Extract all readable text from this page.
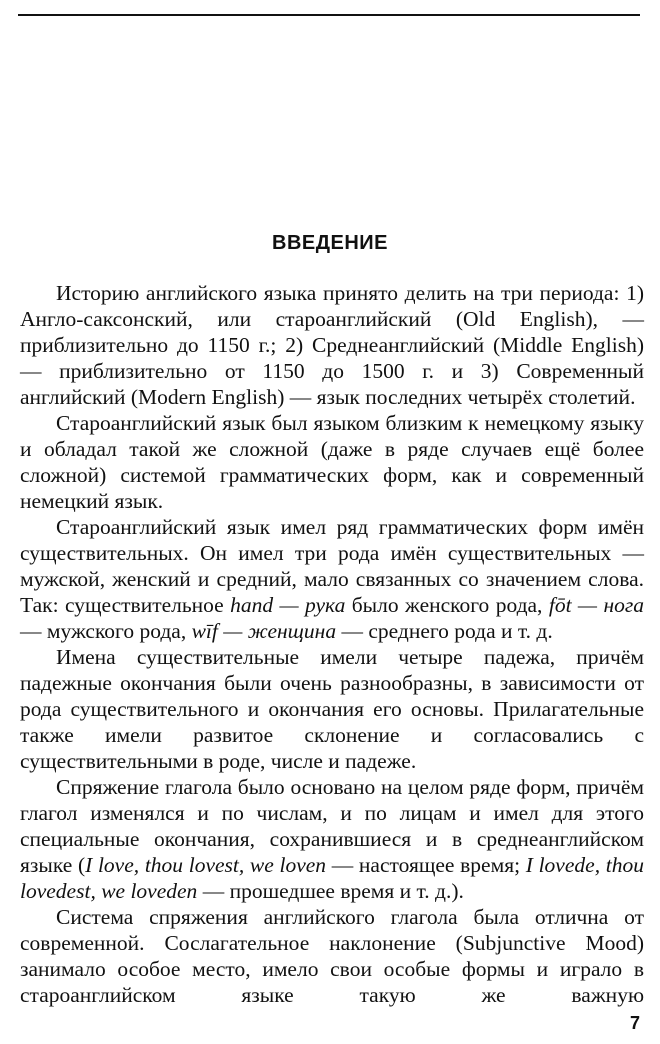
ВВЕДЕНИЕ

Историю английского языка принято делить на три периода: 1) Англо-саксонский, или староанглийский (Old English), — приблизительно до 1150 г.; 2) Среднеанглийский (Middle English) — приблизительно от 1150 до 1500 г. и 3) Современный английский (Modern English) — язык последних четырёх столетий.

Староанглийский язык был языком близким к немецкому языку и обладал такой же сложной (даже в ряде случаев ещё более сложной) системой грамматических форм, как и современный немецкий язык.

Староанглийский язык имел ряд грамматических форм имён существительных. Он имел три рода имён существительных — мужской, женский и средний, мало связанных со значением слова. Так: существительное hand — рука было женского рода, fōt — нога — мужского рода, wīf — женщина — среднего рода и т. д.

Имена существительные имели четыре падежа, причём падежные окончания были очень разнообразны, в зависимости от рода существительного и окончания его основы. Прилагательные также имели развитое склонение и согласовались с существительными в роде, числе и падеже.

Спряжение глагола было основано на целом ряде форм, причём глагол изменялся и по числам, и по лицам и имел для этого специальные окончания, сохранившиеся и в среднеанглийском языке (I love, thou lovest, we loven — настоящее время; I lovede, thou lovedest, we loveden — прошедшее время и т. д.).

Система спряжения английского глагола была отлична от современной. Сослагательное наклонение (Subjunctive Mood) занимало особое место, имело свои особые формы и играло в староанглийском языке такую же важную

7
